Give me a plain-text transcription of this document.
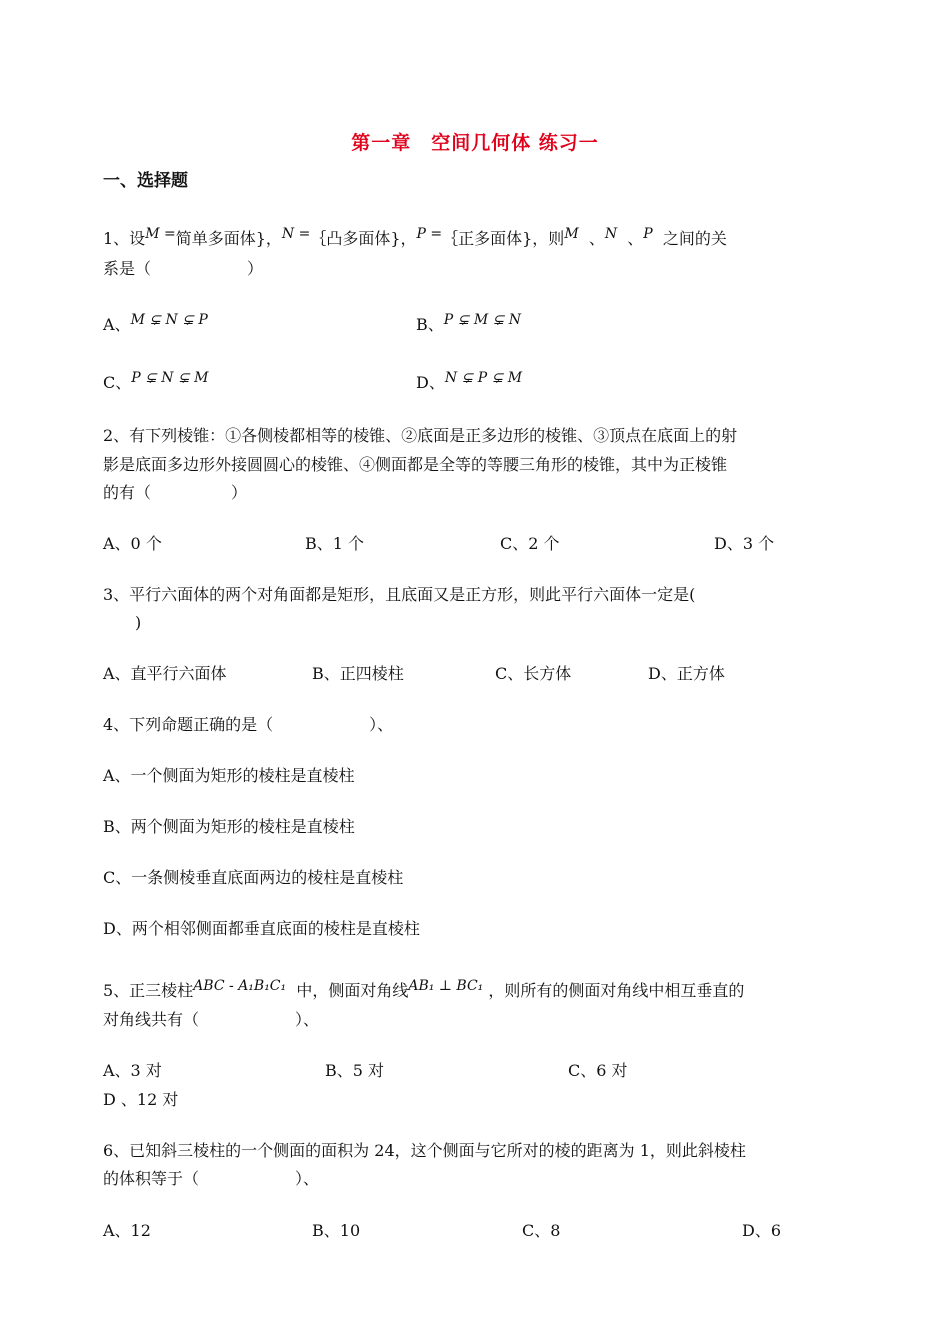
第一章　空间几何体 练习一
一、选择题
1、设M =简单多面体}，N =｛凸多面体}，P =｛正多面体}，则M 、N 、P 之间的关
系是（　　　　　　）
A、M ⊊ N ⊊ P	B、P ⊊ M ⊊ N
C、P ⊊ N ⊊ M	D、N ⊊ P ⊊ M
2、有下列棱锥：①各侧棱都相等的棱锥、②底面是正多边形的棱锥、③顶点在底面上的射
影是底面多边形外接圆圆心的棱锥、④侧面都是全等的等腰三角形的棱锥，其中为正棱锥
的有（　　　　　）
A、0 个	B、1 个	C、2 个	D、3 个
3、平行六面体的两个对角面都是矩形，且底面又是正方形，则此平行六面体一定是(
　　)
A、直平行六面体	B、正四棱柱	C、长方体	D、正方体
4、下列命题正确的是（　　　　　　）、
A、一个侧面为矩形的棱柱是直棱柱
B、两个侧面为矩形的棱柱是直棱柱
C、一条侧棱垂直底面两边的棱柱是直棱柱
D、两个相邻侧面都垂直底面的棱柱是直棱柱
5、正三棱柱ABC - A₁B₁C₁ 中，侧面对角线AB₁ ⊥ BC₁ ，则所有的侧面对角线中相互垂直的
对角线共有（　　　　　　）、
A、3 对	B、5 对	C、6 对
D 、12 对
6、已知斜三棱柱的一个侧面的面积为 24，这个侧面与它所对的棱的距离为 1，则此斜棱柱
的体积等于（　　　　　　）、
A、12	B、10	C、8	D、6
